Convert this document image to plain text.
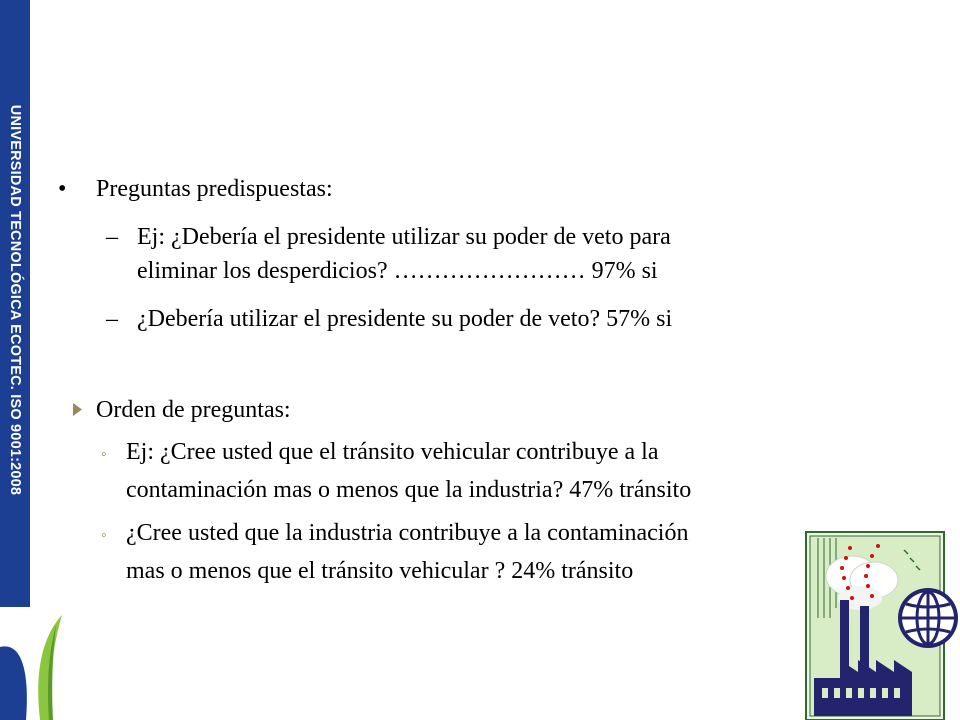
UNIVERSIDAD TECNOLÓGICA ECOTEC. ISO 9001:2008 • Preguntas predispuestas:
– Ej: ¿Debería el presidente utilizar su poder de veto para
eliminar los desperdicios? …………………… 97% si
– ¿Debería utilizar el presidente su poder de veto? 57% si
Orden de preguntas:
◦ Ej: ¿Cree usted que el tránsito vehicular contribuye a la
contaminación mas o menos que la industria? 47% tránsito
◦ ¿Cree usted que la industria contribuye a la contaminación
mas o menos que el tránsito vehicular ? 24% tránsito
